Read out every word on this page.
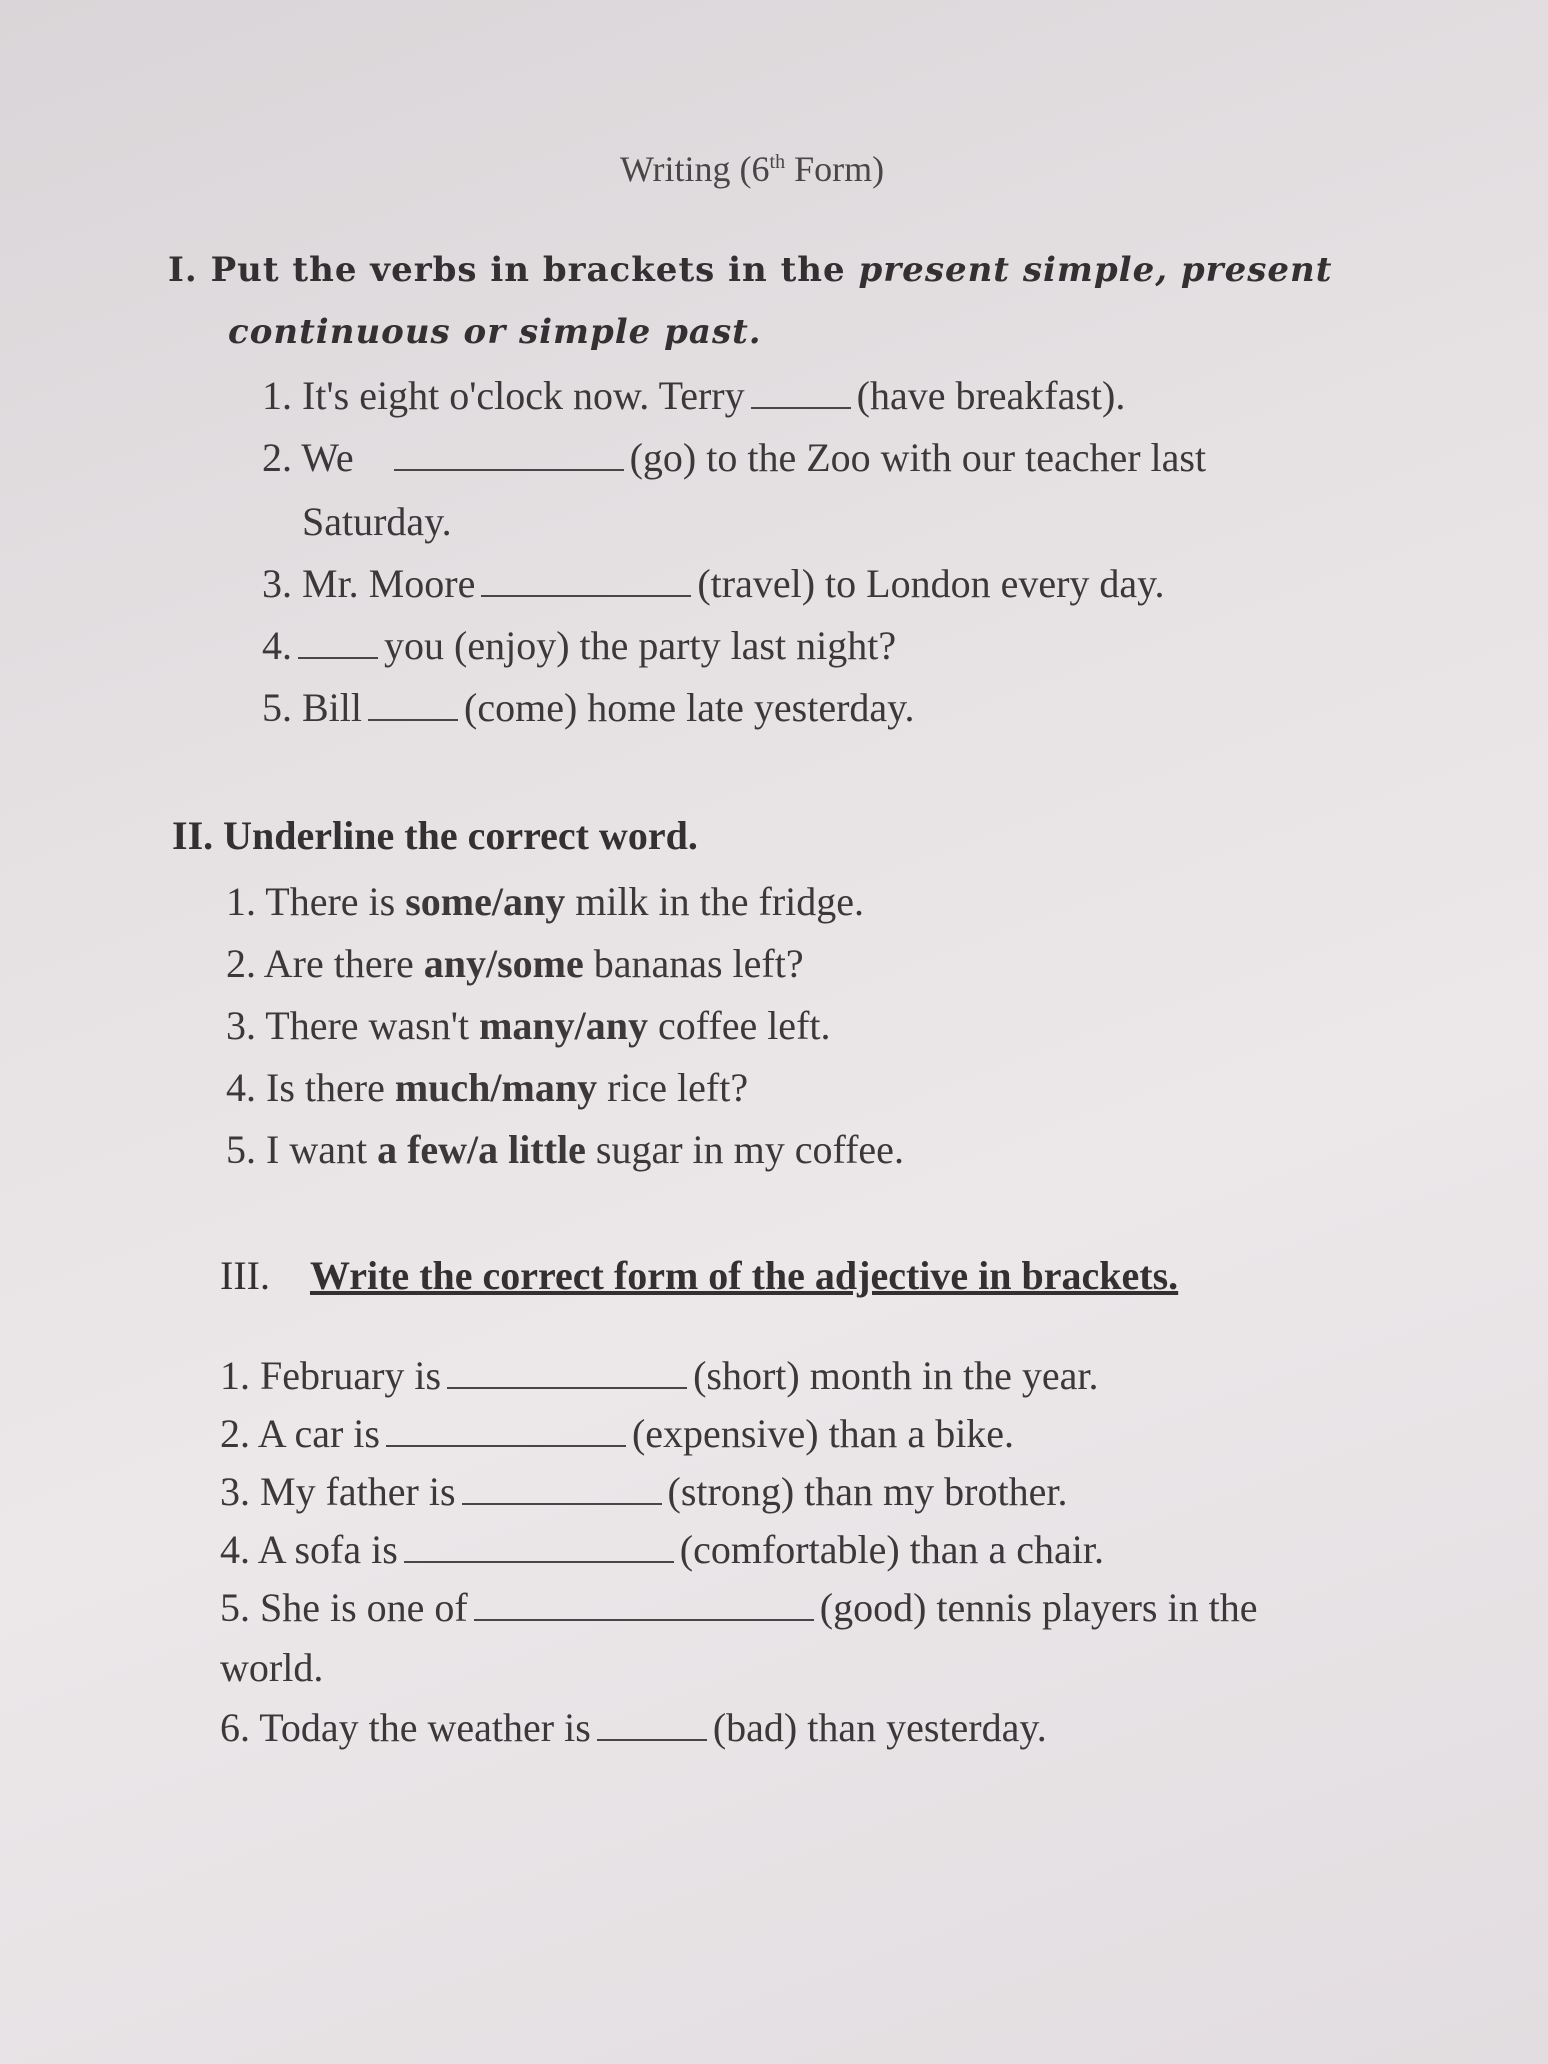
Writing (6th Form)
I. Put the verbs in brackets in the present simple, present
continuous or simple past.
1. It's eight o'clock now. Terry	(have breakfast).
2. We	(go) to the Zoo with our teacher last
Saturday.
3. Mr. Moore	(travel) to London every day.
4. you (enjoy) the party last night?
5. Bill	(come) home late yesterday.
II. Underline the correct word.
1. There is some/any milk in the fridge.
2. Are there any/some bananas left?
3. There wasn't many/any coffee left.
4. Is there much/many rice left?
5. I want a few/a little sugar in my coffee.
III. Write the correct form of the adjective in brackets.
1. February is	(short) month in the year.
2. A car is	(expensive) than a bike.
3. My father is	(strong) than my brother.
4. A sofa is	(comfortable) than a chair.
5. She is one of	(good) tennis players in the
world.
6. Today the weather is	(bad) than yesterday.
